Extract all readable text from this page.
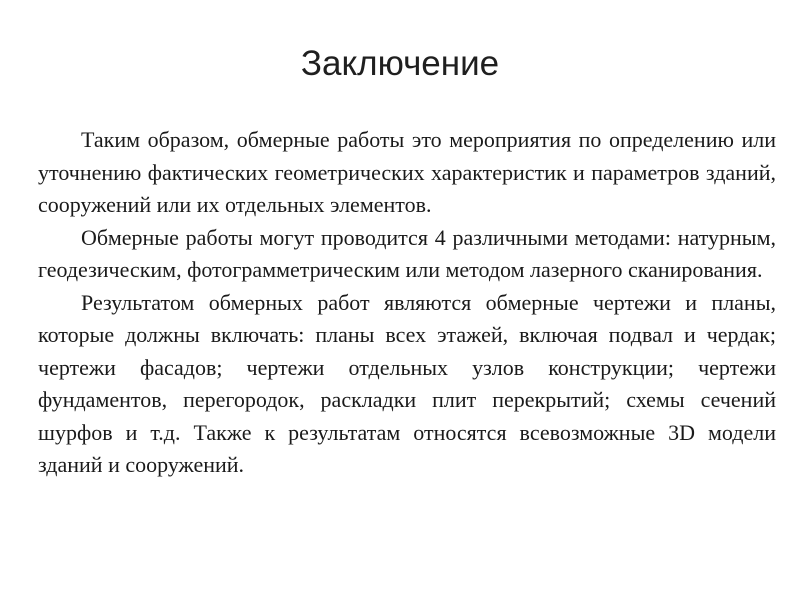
Заключение

Таким образом, обмерные работы это мероприятия по определению или уточнению фактических геометрических характеристик и параметров зданий, сооружений или их отдельных элементов.

Обмерные работы могут проводится 4 различными методами: натурным, геодезическим, фотограмметрическим или методом лазерного сканирования.

Результатом обмерных работ являются обмерные чертежи и планы, которые должны включать: планы всех этажей, включая подвал и чердак; чертежи фасадов; чертежи отдельных узлов конструкции; чертежи фундаментов, перегородок, раскладки плит перекрытий; схемы сечений шурфов и т.д. Также к результатам относятся всевозможные 3D модели зданий и сооружений.
